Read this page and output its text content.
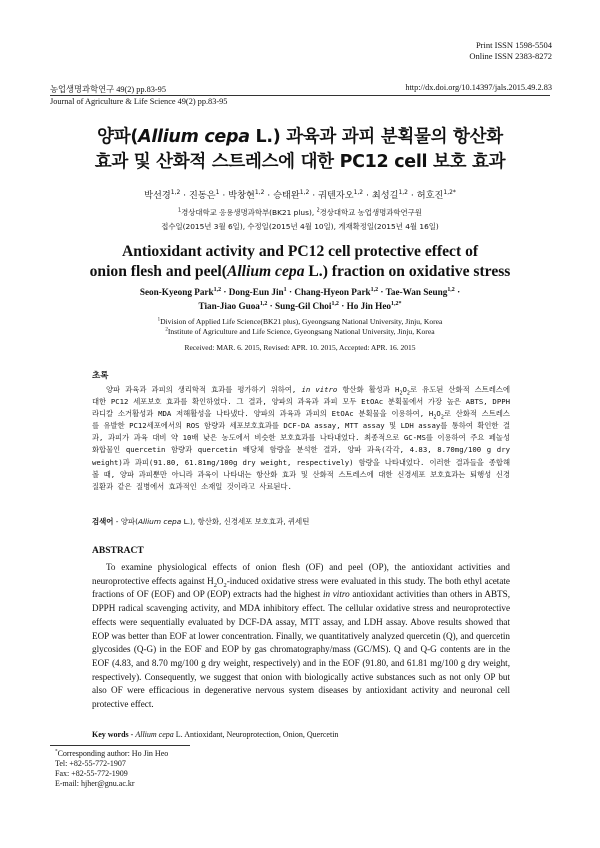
Print ISSN 1598-5504
Online ISSN 2383-8272
농업생명과학연구 49(2) pp.83-95	http://dx.doi.org/10.14397/jals.2015.49.2.83
Journal of Agriculture & Life Science 49(2) pp.83-95
양파(Allium cepa L.) 과육과 과피 분획물의 항산화
효과 및 산화적 스트레스에 대한 PC12 cell 보호 효과
박선경$^{1,2}$ · 진동은$^1$ · 박창현$^{1,2}$ · 승태완$^{1,2}$ · 궈텐자오$^{1,2}$ · 최성길$^{1,2}$ · 허호진$^{1,2*}$
$^1$경상대학교 응용생명과학부(BK21 plus), $^2$경상대학교 농업생명과학연구원
접수일(2015년 3월 6일), 수정일(2015년 4월 10일), 게재확정일(2015년 4월 16일)
Antioxidant activity and PC12 cell protective effect of
onion flesh and peel(Allium cepa L.) fraction on oxidative stress
Seon-Kyeong Park$^{1,2}$ · Dong-Eun Jin$^1$ · Chang-Hyeon Park$^{1,2}$ · Tae-Wan Seung$^{1,2}$ ·
Tian-Jiao Guoa$^{1,2}$ · Sung-Gil Choi$^{1,2}$ · Ho Jin Heo$^{1,2*}$
$^1$Division of Applied Life Science(BK21 plus), Gyeongsang National University, Jinju, Korea
$^2$Institute of Agriculture and Life Science, Gyeongsang National University, Jinju, Korea
Received: MAR. 6. 2015, Revised: APR. 10. 2015, Accepted: APR. 16. 2015
초록

양파 과육과 과피의 생리학적 효과를 평가하기 위하여, in vitro 항산화 활성과 $H_2O_2$로 유도된 산화적 스트레스에 대한 PC12 세포보호 효과를 확인하였다. 그 결과, 양파의 과육과 과피 모두 EtOAc 분획물에서 가장 높은 ABTS, DPPH 라디칼 소거활성과 MDA 저해활성을 나타냈다. 양파의 과육과 과피의 EtOAc 분획물을 이용하여, $H_2O_2$로 산화적 스트레스를 유발한 PC12세포에서의 ROS 함량과 세포보호효과를 DCF-DA assay, MTT assay 및 LDH assay를 통하여 확인한 결과, 과피가 과육 대비 약 10배 낮은 농도에서 비슷한 보호효과를 나타내었다. 최종적으로 GC-MS를 이용하여 주요 페놀성 화합물인 quercetin 함량과 quercetin 배당체 함량을 분석한 결과, 양파 과육(각각, 4.83, 8.70mg/100 g dry weight)과 과피(91.80, 61.81mg/100g dry weight, respectively) 함량을 나타내었다. 이러한 결과들을 종합해볼 때, 양파 과피뿐만 아니라 과육이 나타내는 항산화 효과 및 산화적 스트레스에 대한 신경세포 보호효과는 퇴행성 신경질환과 같은 질병에서 효과적인 소재일 것이라고 사료된다.

검색어 - 양파(Allium cepa L.), 항산화, 신경세포 보호효과, 퀴세틴
ABSTRACT

To examine physiological effects of onion flesh (OF) and peel (OP), the antioxidant activities and neuroprotective effects against $H_2O_2$-induced oxidative stress were evaluated in this study. The both ethyl acetate fractions of OF (EOF) and OP (EOP) extracts had the highest in vitro antioxidant activities than others in ABTS, DPPH radical scavenging activity, and MDA inhibitory effect. The cellular oxidative stress and neuroprotective effects were sequentially evaluated by DCF-DA assay, MTT assay, and LDH assay. Above results showed that EOP was better than EOF at lower concentration. Finally, we quantitatively analyzed quercetin (Q), and quercetin glycosides (Q-G) in the EOF and EOP by gas chromatography/mass (GC/MS). Q and Q-G contents are in the EOF (4.83, and 8.70 mg/100 g dry weight, respectively) and in the EOF (91.80, and 61.81 mg/100 g dry weight, respectively). Consequently, we suggest that onion with biologically active substances such as not only OP but also OF were efficacious in degenerative nervous system diseases by antioxidant activity and neuronal cell protective effect.

Key words - Allium cepa L. Antioxidant, Neuroprotection, Onion, Quercetin
*Corresponding author: Ho Jin Heo
Tel: +82-55-772-1907
Fax: +82-55-772-1909
E-mail: hjher@gnu.ac.kr
